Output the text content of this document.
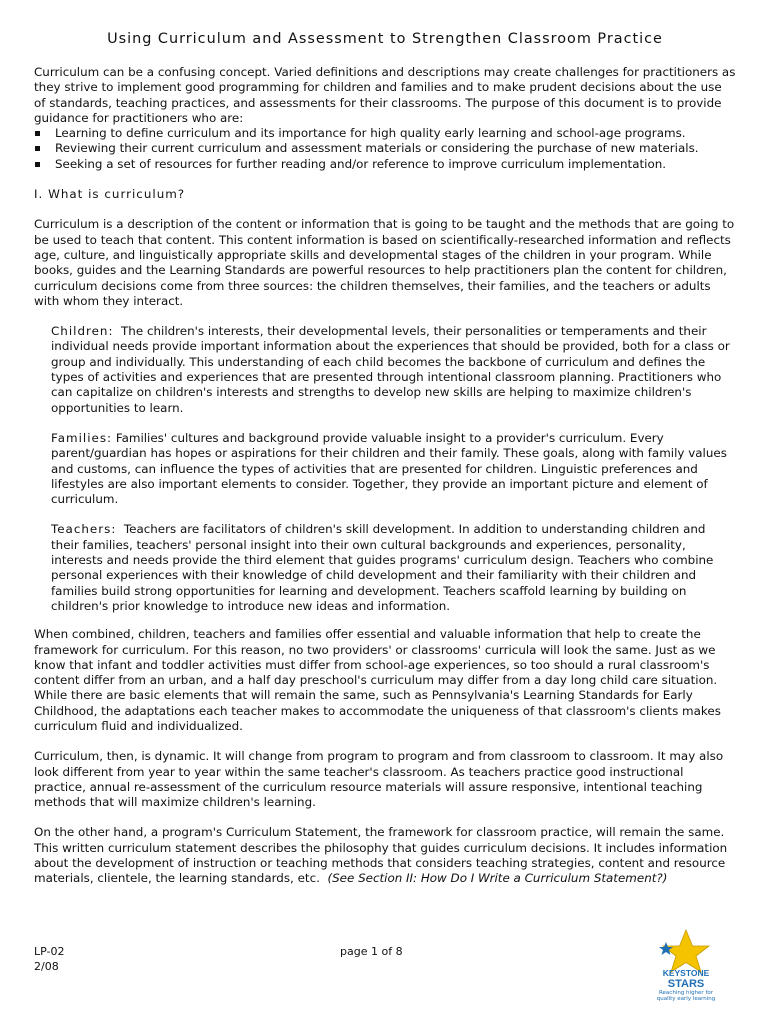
Using Curriculum and Assessment to Strengthen Classroom Practice

Curriculum can be a confusing concept. Varied definitions and descriptions may create challenges for practitioners as they strive to implement good programming for children and families and to make prudent decisions about the use of standards, teaching practices, and assessments for their classrooms. The purpose of this document is to provide guidance for practitioners who are:

Learning to define curriculum and its importance for high quality early learning and school-age programs.
Reviewing their current curriculum and assessment materials or considering the purchase of new materials.
Seeking a set of resources for further reading and/or reference to improve curriculum implementation.
I. What is curriculum?

Curriculum is a description of the content or information that is going to be taught and the methods that are going to be used to teach that content. This content information is based on scientifically-researched information and reflects age, culture, and linguistically appropriate skills and developmental stages of the children in your program. While books, guides and the Learning Standards are powerful resources to help practitioners plan the content for children, curriculum decisions come from three sources: the children themselves, their families, and the teachers or adults with whom they interact.

Children: The children's interests, their developmental levels, their personalities or temperaments and their individual needs provide important information about the experiences that should be provided, both for a class or group and individually. This understanding of each child becomes the backbone of curriculum and defines the types of activities and experiences that are presented through intentional classroom planning. Practitioners who can capitalize on children's interests and strengths to develop new skills are helping to maximize children's opportunities to learn.

Families: Families' cultures and background provide valuable insight to a provider's curriculum. Every parent/guardian has hopes or aspirations for their children and their family. These goals, along with family values and customs, can influence the types of activities that are presented for children. Linguistic preferences and lifestyles are also important elements to consider. Together, they provide an important picture and element of curriculum.

Teachers: Teachers are facilitators of children's skill development. In addition to understanding children and their families, teachers' personal insight into their own cultural backgrounds and experiences, personality, interests and needs provide the third element that guides programs' curriculum design. Teachers who combine personal experiences with their knowledge of child development and their familiarity with their children and families build strong opportunities for learning and development. Teachers scaffold learning by building on children's prior knowledge to introduce new ideas and information.

When combined, children, teachers and families offer essential and valuable information that help to create the framework for curriculum. For this reason, no two providers' or classrooms' curricula will look the same. Just as we know that infant and toddler activities must differ from school-age experiences, so too should a rural classroom's content differ from an urban, and a half day preschool's curriculum may differ from a day long child care situation. While there are basic elements that will remain the same, such as Pennsylvania's Learning Standards for Early Childhood, the adaptations each teacher makes to accommodate the uniqueness of that classroom's clients makes curriculum fluid and individualized.

Curriculum, then, is dynamic. It will change from program to program and from classroom to classroom. It may also look different from year to year within the same teacher's classroom. As teachers practice good instructional practice, annual re-assessment of the curriculum resource materials will assure responsive, intentional teaching methods that will maximize children's learning.

On the other hand, a program's Curriculum Statement, the framework for classroom practice, will remain the same. This written curriculum statement describes the philosophy that guides curriculum decisions. It includes information about the development of instruction or teaching methods that considers teaching strategies, content and resource materials, clientele, the learning standards, etc. (See Section II: How Do I Write a Curriculum Statement?)

LP-02
2/08
page 1 of 8
KEYSTONE
STARS
Reaching higher for
quality early learning
